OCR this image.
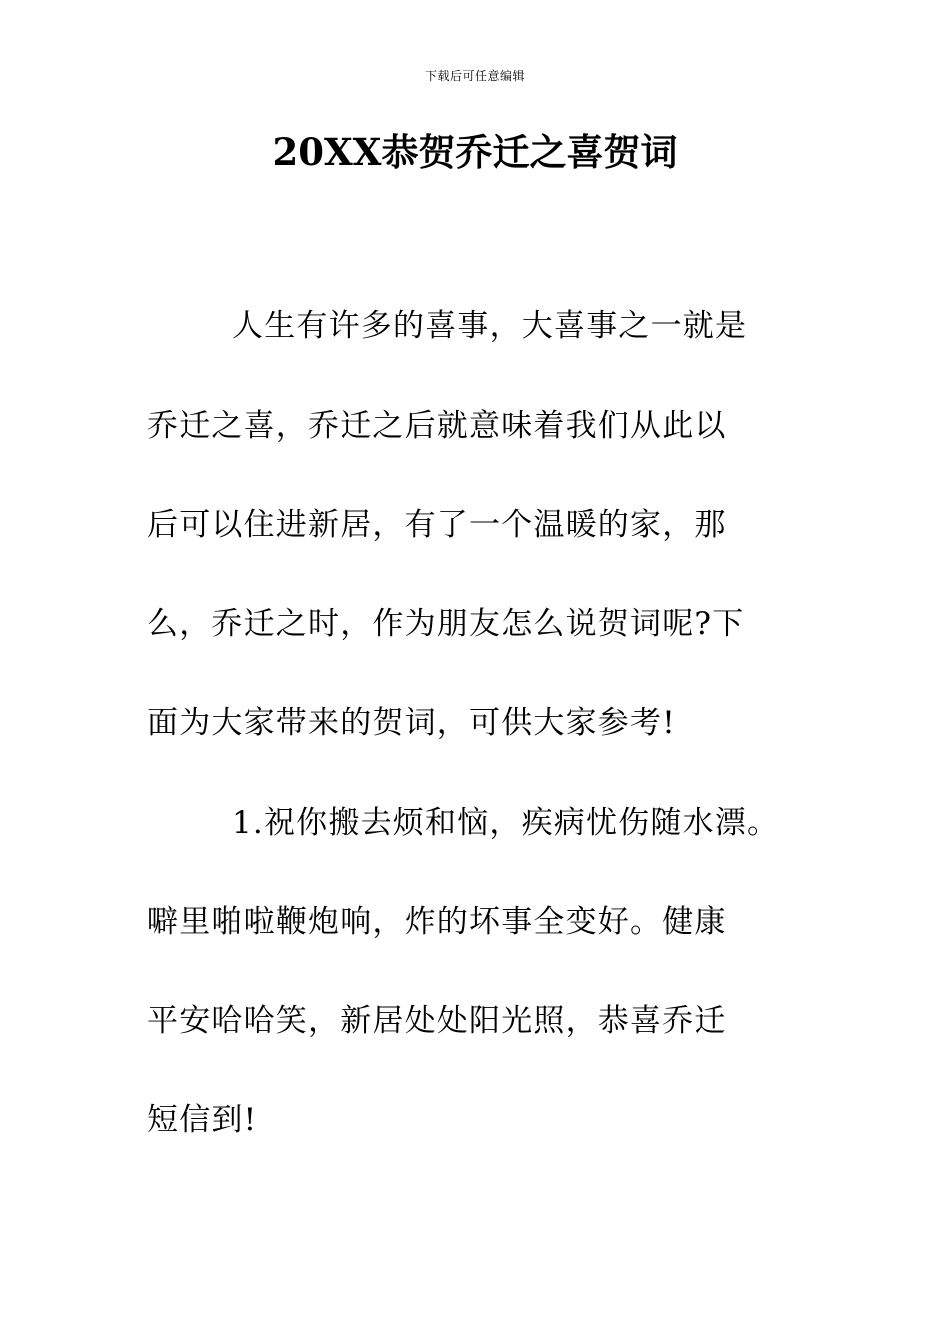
下载后可任意编辑
20XX恭贺乔迁之喜贺词

人生有许多的喜事，大喜事之一就是

乔迁之喜，乔迁之后就意味着我们从此以

后可以住进新居，有了一个温暖的家，那

么，乔迁之时，作为朋友怎么说贺词呢?下

面为大家带来的贺词，可供大家参考!

1.祝你搬去烦和恼，疾病忧伤随水漂。

噼里啪啦鞭炮响，炸的坏事全变好。健康

平安哈哈笑，新居处处阳光照，恭喜乔迁

短信到!
